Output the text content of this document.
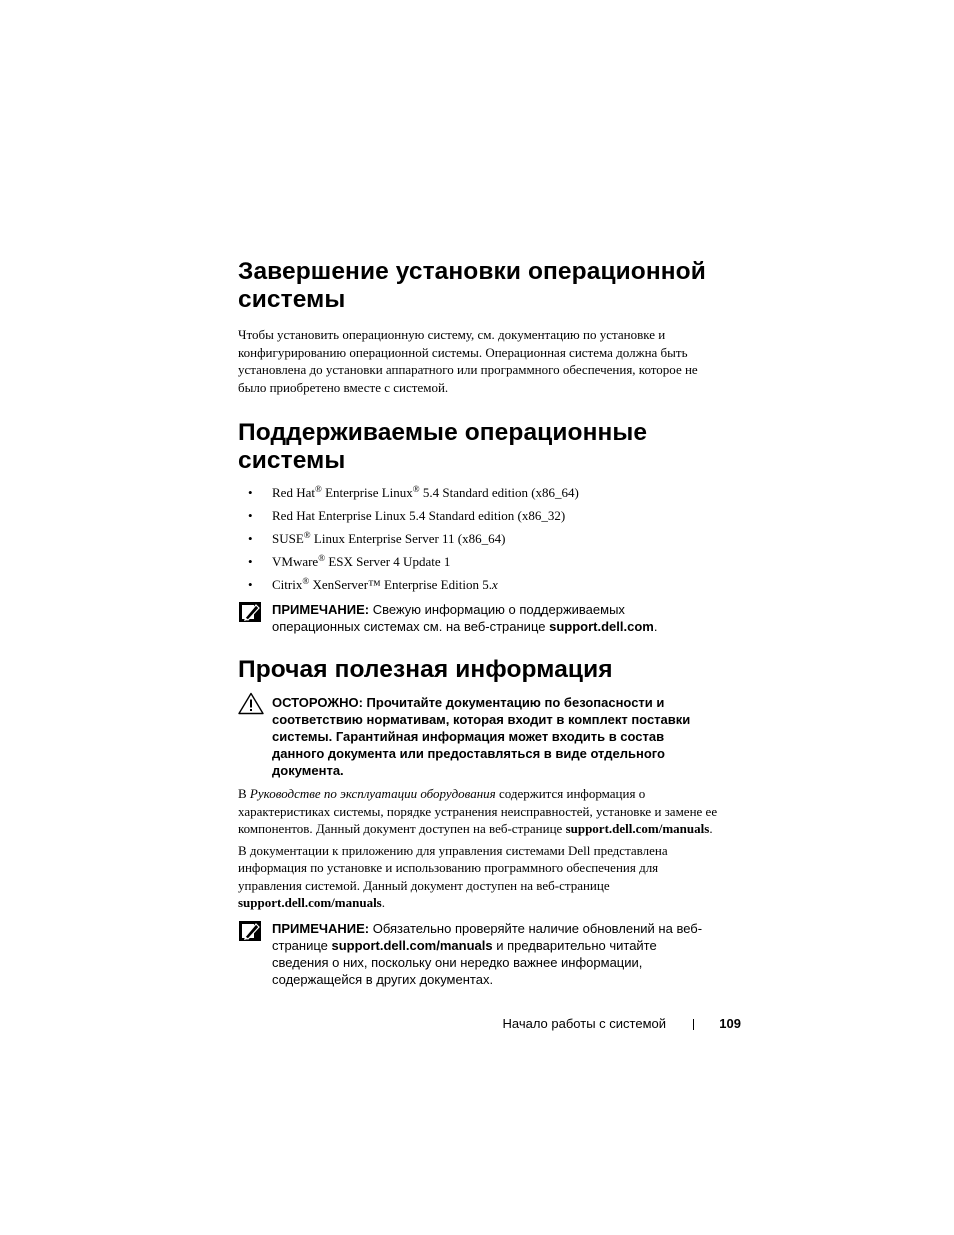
Завершение установки операционной
системы

Чтобы установить операционную систему, см. документацию по установке и
конфигурированию операционной системы. Операционная система должна быть
установлена до установки аппаратного или программного обеспечения, которое не
было приобретено вместе с системой.

Поддерживаемые операционные
системы
• Red Hat® Enterprise Linux® 5.4 Standard edition (x86_64)
• Red Hat Enterprise Linux 5.4 Standard edition (x86_32)
• SUSE® Linux Enterprise Server 11 (x86_64)
• VMware® ESX Server 4 Update 1
• Citrix® XenServer™ Enterprise Edition 5.x
ПРИМЕЧАНИЕ: Свежую информацию о поддерживаемых
операционных системах см. на веб-странице support.dell.com.
Прочая полезная информация
ОСТОРОЖНО: Прочитайте документацию по безопасности и
соответствию нормативам, которая входит в комплект поставки
системы. Гарантийная информация может входить в состав
данного документа или предоставляться в виде отдельного
документа.

В Руководстве по эксплуатации оборудования содержится информация о
характеристиках системы, порядке устранения неисправностей, установке и замене ее
компонентов. Данный документ доступен на веб-странице support.dell.com/manuals.

В документации к приложению для управления системами Dell представлена
информация по установке и использованию программного обеспечения для
управления системой. Данный документ доступен на веб-странице
support.dell.com/manuals.

ПРИМЕЧАНИЕ: Обязательно проверяйте наличие обновлений на веб-
странице support.dell.com/manuals и предварительно читайте
сведения о них, поскольку они нередко важнее информации,
содержащейся в других документах.
Начало работы с системой	109
